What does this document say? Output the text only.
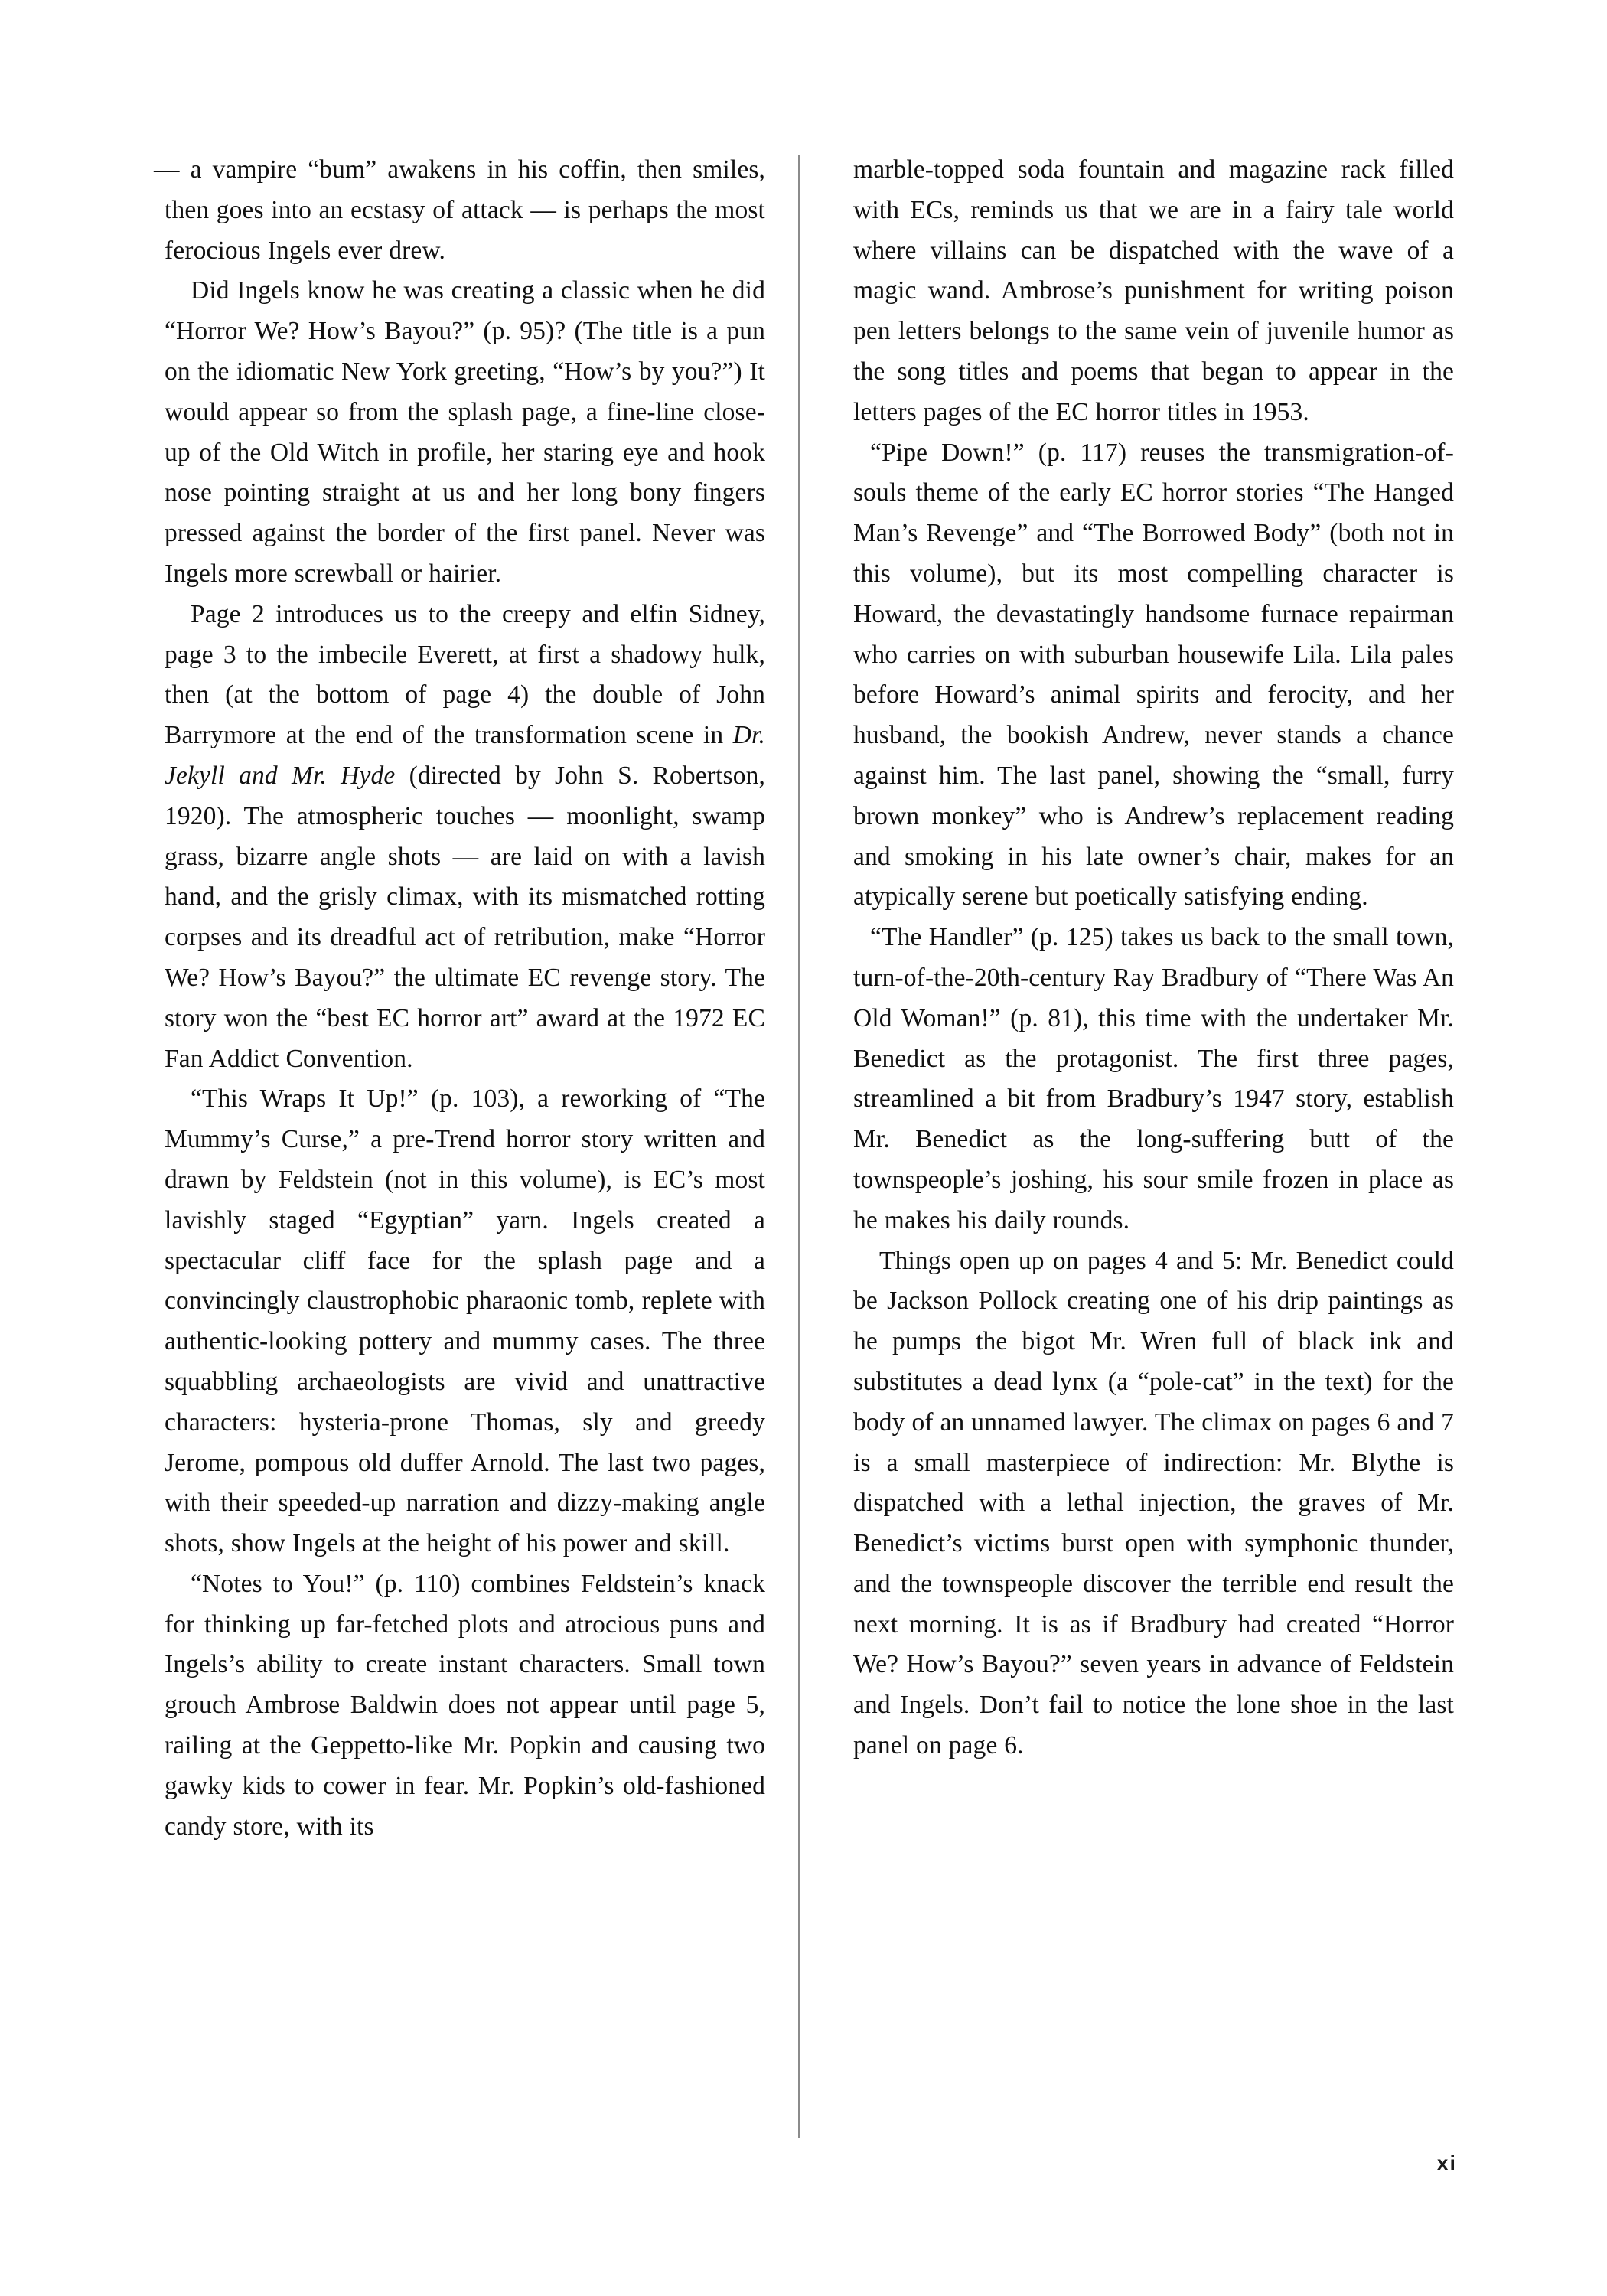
— a vampire “bum” awakens in his coffin, then smiles, then goes into an ecstasy of attack — is perhaps the most ferocious Ingels ever drew.

Did Ingels know he was creating a classic when he did “Horror We? How’s Bayou?” (p. 95)? (The title is a pun on the idiomatic New York greeting, “How’s by you?”) It would appear so from the splash page, a fine-line close-up of the Old Witch in profile, her staring eye and hook nose pointing straight at us and her long bony fingers pressed against the border of the first panel. Never was Ingels more screwball or hairier.

Page 2 introduces us to the creepy and elfin Sidney, page 3 to the imbecile Everett, at first a shadowy hulk, then (at the bottom of page 4) the double of John Barrymore at the end of the transformation scene in Dr. Jekyll and Mr. Hyde (directed by John S. Robertson, 1920). The atmospheric touches — moonlight, swamp grass, bizarre angle shots — are laid on with a lavish hand, and the grisly climax, with its mismatched rotting corpses and its dreadful act of retribution, make “Horror We? How’s Bayou?” the ultimate EC revenge story. The story won the “best EC horror art” award at the 1972 EC Fan Addict Convention.

“This Wraps It Up!” (p. 103), a reworking of “The Mummy’s Curse,” a pre-Trend horror story written and drawn by Feldstein (not in this volume), is EC’s most lavishly staged “Egyptian” yarn. Ingels created a spectacular cliff face for the splash page and a convincingly claustrophobic pharaonic tomb, replete with authentic-looking pottery and mummy cases. The three squabbling archaeologists are vivid and unattractive characters: hysteria-prone Thomas, sly and greedy Jerome, pompous old duffer Arnold. The last two pages, with their speeded-up narration and dizzy-making angle shots, show Ingels at the height of his power and skill.

“Notes to You!” (p. 110) combines Feldstein’s knack for thinking up far-fetched plots and atrocious puns and Ingels’s ability to create instant characters. Small town grouch Ambrose Baldwin does not appear until page 5, railing at the Geppetto-like Mr. Popkin and causing two gawky kids to cower in fear. Mr. Popkin’s old-fashioned candy store, with its

marble-topped soda fountain and magazine rack filled with ECs, reminds us that we are in a fairy tale world where villains can be dispatched with the wave of a magic wand. Ambrose’s punishment for writing poison pen letters belongs to the same vein of juvenile humor as the song titles and poems that began to appear in the letters pages of the EC horror titles in 1953.

“Pipe Down!” (p. 117) reuses the transmigration-of-souls theme of the early EC horror stories “The Hanged Man’s Revenge” and “The Borrowed Body” (both not in this volume), but its most compelling character is Howard, the devastatingly handsome furnace repairman who carries on with suburban housewife Lila. Lila pales before Howard’s animal spirits and ferocity, and her husband, the bookish Andrew, never stands a chance against him. The last panel, showing the “small, furry brown monkey” who is Andrew’s replacement reading and smoking in his late owner’s chair, makes for an atypically serene but poetically satisfying ending.

“The Handler” (p. 125) takes us back to the small town, turn-of-the-20th-century Ray Bradbury of “There Was An Old Woman!” (p. 81), this time with the undertaker Mr. Benedict as the protagonist. The first three pages, streamlined a bit from Bradbury’s 1947 story, establish Mr. Benedict as the long-suffering butt of the townspeople’s joshing, his sour smile frozen in place as he makes his daily rounds.

Things open up on pages 4 and 5: Mr. Benedict could be Jackson Pollock creating one of his drip paintings as he pumps the bigot Mr. Wren full of black ink and substitutes a dead lynx (a “pole-cat” in the text) for the body of an unnamed lawyer. The climax on pages 6 and 7 is a small masterpiece of indirection: Mr. Blythe is dispatched with a lethal injection, the graves of Mr. Benedict’s victims burst open with symphonic thunder, and the townspeople discover the terrible end result the next morning. It is as if Bradbury had created “Horror We? How’s Bayou?” seven years in advance of Feldstein and Ingels. Don’t fail to notice the lone shoe in the last panel on page 6.

xi
